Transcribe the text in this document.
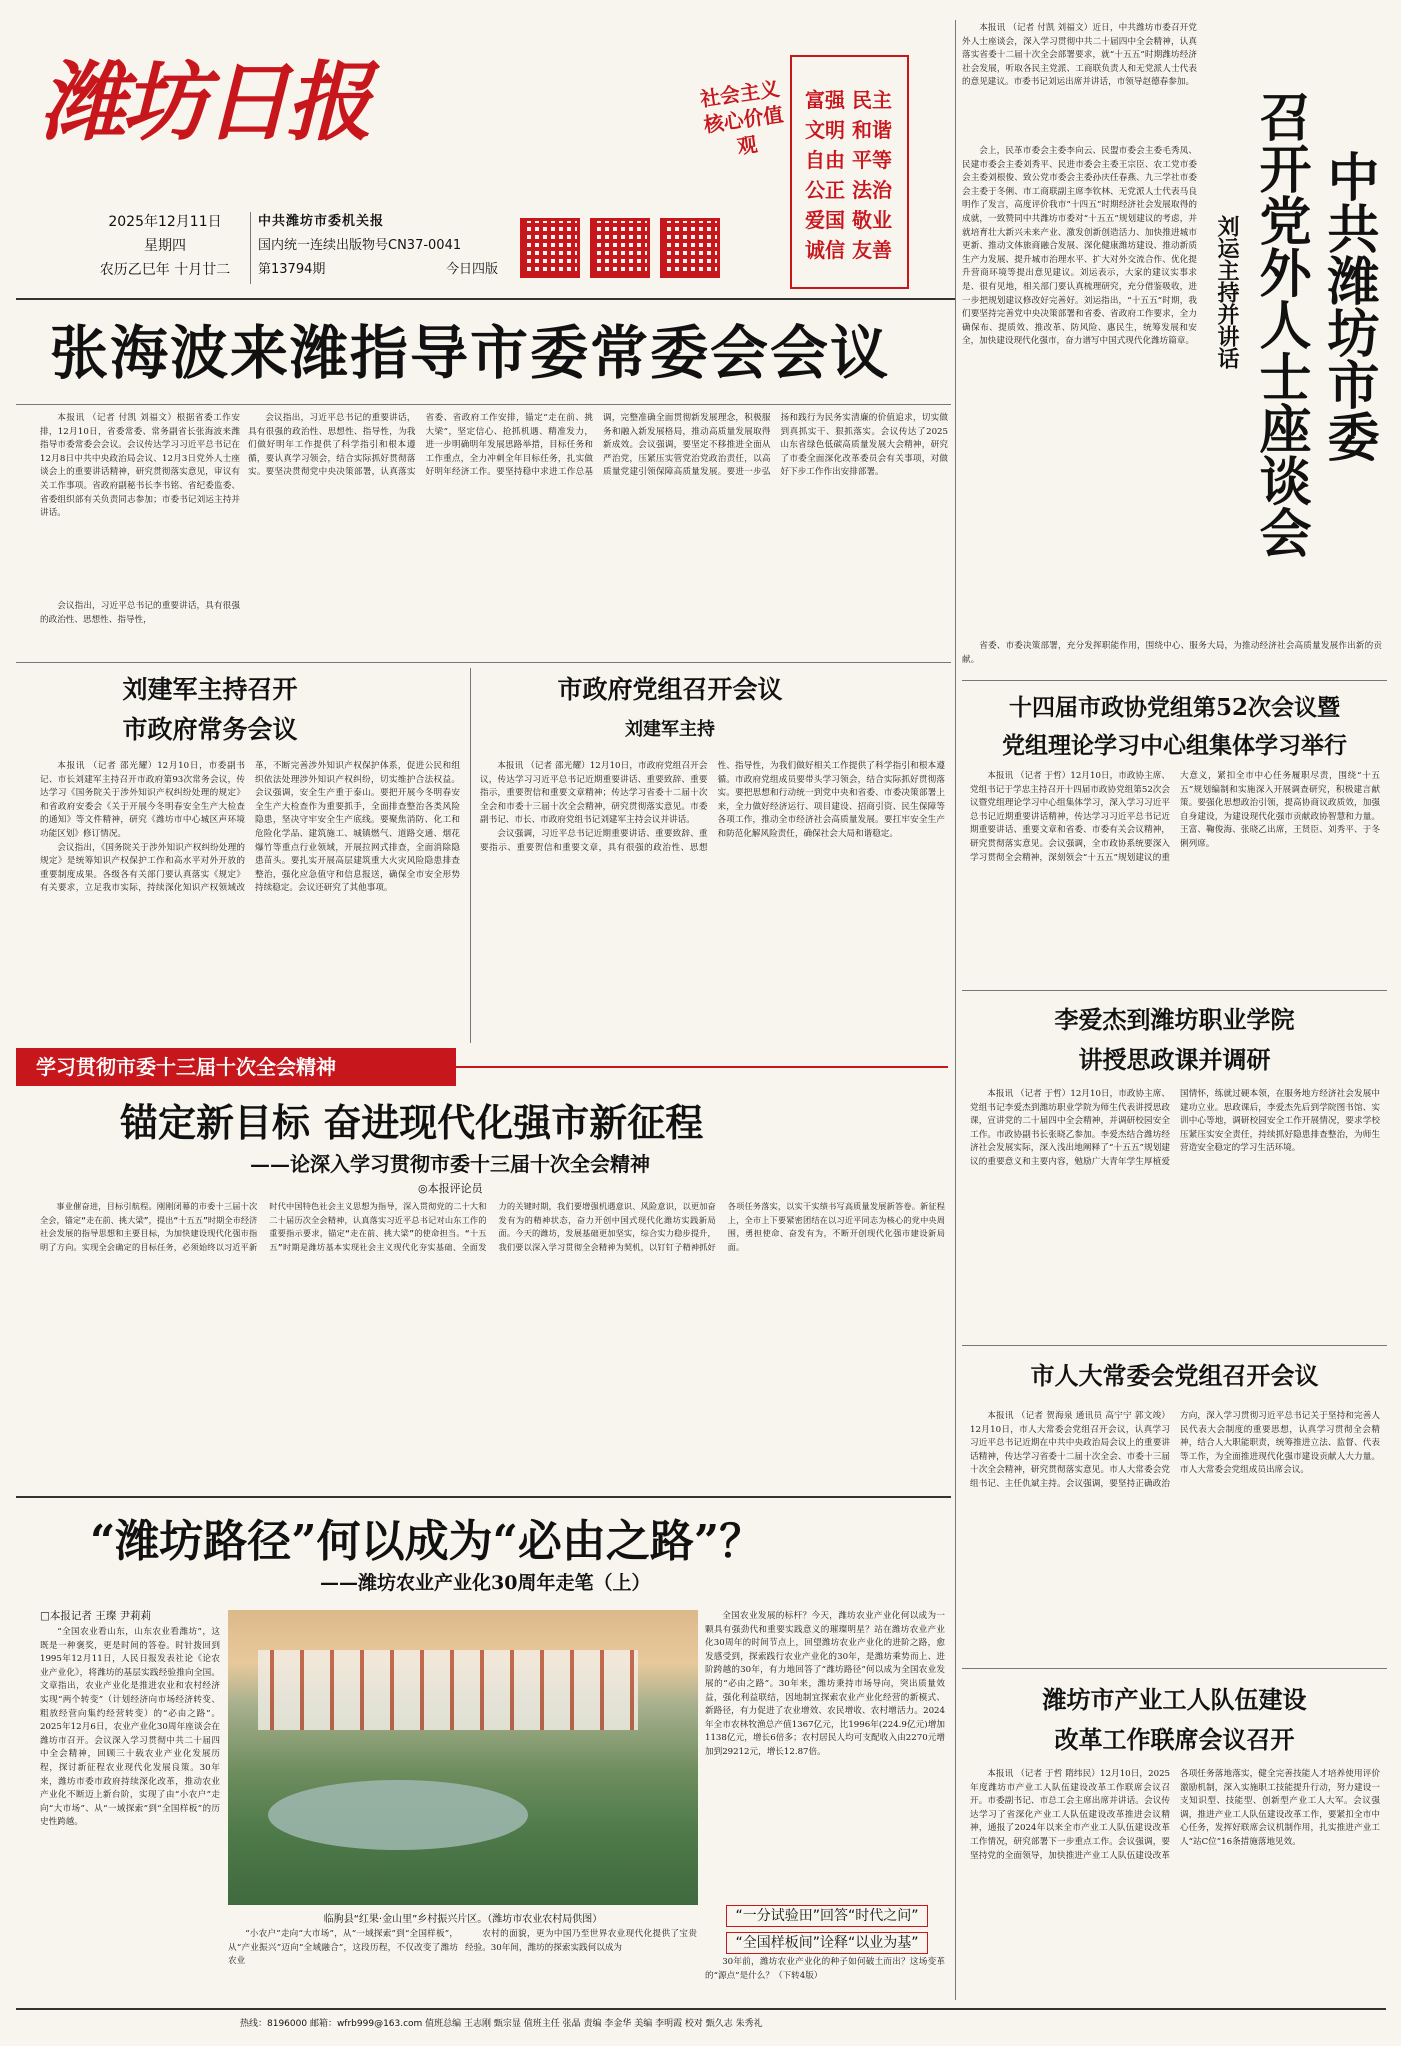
潍坊日报
2025年12月11日
星期四
农历乙巳年 十月廿二
中共潍坊市委机关报
国内统一连续出版物号CN37-0041
第13794期	今日四版
社会主义核心价值观
富强 民主
文明 和谐
自由 平等
公正 法治
爱国 敬业
诚信 友善	中共潍坊市委
召开党外人士座谈会
刘运主持并讲话

本报讯 （记者 付凯 刘福文）近日，中共潍坊市委召开党外人士座谈会，深入学习贯彻中共二十届四中全会精神，认真落实省委十二届十次全会部署要求，就“十五五”时期潍坊经济社会发展，听取各民主党派、工商联负责人和无党派人士代表的意见建议。市委书记刘运出席并讲话，市领导赵德春参加。

会上，民革市委会主委李向云、民盟市委会主委毛秀凤、民建市委会主委刘秀平、民进市委会主委王宗臣、农工党市委会主委刘根俊、致公党市委会主委孙庆任春燕、九三学社市委会主委于冬俐、市工商联副主席李钦林、无党派人士代表马良明作了发言，高度评价我市“十四五”时期经济社会发展取得的成就，一致赞同中共潍坊市委对“十五五”规划建议的考虑，并就培育壮大新兴未来产业、激发创新创造活力、加快推进城市更新、推动文体旅商融合发展、深化健康潍坊建设、推动新质生产力发展、提升城市治理水平、扩大对外交流合作、优化提升营商环境等提出意见建议。刘运表示，大家的建议实事求是、很有见地，相关部门要认真梳理研究，充分借鉴吸收，进一步把规划建议修改好完善好。刘运指出，“十五五”时期，我们要坚持完善党中央决策部署和省委、省政府工作要求，全力确保布、提质效、推改革、防风险、惠民生，统筹发展和安全，加快建设现代化强市，奋力谱写中国式现代化潍坊篇章。

省委、市委决策部署，充分发挥职能作用，围绕中心、服务大局，为推动经济社会高质量发展作出新的贡献。

张海波来潍指导市委常委会会议

本报讯 （记者 付凯 刘福文）根据省委工作安排，12月10日，省委常委、常务副省长张海波来潍指导市委常委会会议。会议传达学习习近平总书记在12月8日中共中央政治局会议、12月3日党外人士座谈会上的重要讲话精神，研究贯彻落实意见，审议有关工作事项。省政府副秘书长李书铭、省纪委监委、省委组织部有关负责同志参加；市委书记刘运主持并讲话。

会议指出，习近平总书记的重要讲话，具有很强的政治性、思想性、指导性，

会议指出，习近平总书记的重要讲话，具有很强的政治性、思想性、指导性，为我们做好明年工作提供了科学指引和根本遵循，要认真学习领会，结合实际抓好贯彻落实。要坚决贯彻党中央决策部署，认真落实省委、省政府工作安排，锚定“走在前、挑大梁”，坚定信心、抢抓机遇、精准发力，进一步明确明年发展思路举措，目标任务和工作重点，全力冲刺全年目标任务，扎实做好明年经济工作。要坚持稳中求进工作总基调，完整准确全面贯彻新发展理念，积极服务和融入新发展格局，推动高质量发展取得新成效。会议强调，要坚定不移推进全面从严治党，压紧压实管党治党政治责任，以高质量党建引领保障高质量发展。要进一步弘扬和践行为民务实清廉的价值追求，切实做到真抓实干、狠抓落实。会议传达了2025山东省绿色低碳高质量发展大会精神，研究了市委全面深化改革委员会有关事项，对做好下步工作作出安排部署。

刘建军主持召开
市政府常务会议

本报讯 （记者 邵光耀）12月10日，市委副书记、市长刘建军主持召开市政府第93次常务会议，传达学习《国务院关于涉外知识产权纠纷处理的规定》和省政府安委会《关于开展今冬明春安全生产大检查的通知》等文件精神，研究《潍坊市中心城区声环境功能区划》修订情况。

会议指出，《国务院关于涉外知识产权纠纷处理的规定》是统筹知识产权保护工作和高水平对外开放的重要制度成果。各级各有关部门要认真落实《规定》有关要求，立足我市实际，持续深化知识产权领域改革，不断完善涉外知识产权保护体系，促进公民和组织依法处理涉外知识产权纠纷，切实维护合法权益。会议强调，安全生产重于泰山。要把开展今冬明春安全生产大检查作为重要抓手，全面排查整治各类风险隐患，坚决守牢安全生产底线。要聚焦消防、化工和危险化学品、建筑施工、城镇燃气、道路交通、烟花爆竹等重点行业领域，开展拉网式排查，全面消除隐患苗头。要扎实开展高层建筑重大火灾风险隐患排查整治，强化应急值守和信息报送，确保全市安全形势持续稳定。会议还研究了其他事项。

市政府党组召开会议
刘建军主持

本报讯 （记者 邵光耀）12月10日，市政府党组召开会议，传达学习习近平总书记近期重要讲话、重要致辞、重要指示，重要贺信和重要文章精神；传达学习省委十二届十次全会和市委十三届十次全会精神，研究贯彻落实意见。市委副书记、市长、市政府党组书记刘建军主持会议并讲话。

会议强调，习近平总书记近期重要讲话、重要致辞、重要指示、重要贺信和重要文章，具有很强的政治性、思想性、指导性，为我们做好相关工作提供了科学指引和根本遵循。市政府党组成员要带头学习领会，结合实际抓好贯彻落实。要把思想和行动统一到党中央和省委、市委决策部署上来，全力做好经济运行、项目建设、招商引资、民生保障等各项工作，推动全市经济社会高质量发展。要扛牢安全生产和防范化解风险责任，确保社会大局和谐稳定。

学习贯彻市委十三届十次全会精神
锚定新目标 奋进现代化强市新征程
——论深入学习贯彻市委十三届十次全会精神
◎本报评论员

事业催奋进，目标引航程。刚刚闭幕的市委十三届十次全会，锚定“走在前、挑大梁”，提出“十五五”时期全市经济社会发展的指导思想和主要目标，为加快建设现代化强市指明了方向。实现全会确定的目标任务，必须始终以习近平新时代中国特色社会主义思想为指导，深入贯彻党的二十大和二十届历次全会精神，认真落实习近平总书记对山东工作的重要指示要求，锚定“走在前、挑大梁”的使命担当。“十五五”时期是潍坊基本实现社会主义现代化夯实基础、全面发力的关键时期，我们要增强机遇意识、风险意识，以更加奋发有为的精神状态，奋力开创中国式现代化潍坊实践新局面。今天的潍坊，发展基础更加坚实，综合实力稳步提升，我们要以深入学习贯彻全会精神为契机，以钉钉子精神抓好各项任务落实，以实干实绩书写高质量发展新答卷。新征程上，全市上下要紧密团结在以习近平同志为核心的党中央周围，勇担使命、奋发有为，不断开创现代化强市建设新局面。

“潍坊路径”何以成为“必由之路”？
——潍坊农业产业化30周年走笔（上）
□本报记者 王璨 尹莉莉

“全国农业看山东，山东农业看潍坊”，这既是一种褒奖，更是时间的答卷。时针拨回到1995年12月11日，人民日报发表社论《论农业产业化》，将潍坊的基层实践经验推向全国。文章指出，农业产业化是推进农业和农村经济实现“两个转变”（计划经济向市场经济转变、粗放经营向集约经营转变）的“必由之路”。2025年12月6日，农业产业化30周年座谈会在潍坊市召开。会议深入学习贯彻中共二十届四中全会精神，回顾三十载农业产业化发展历程，探讨新征程农业现代化发展良策。30年来，潍坊市委市政府持续深化改革，推动农业产业化不断迈上新台阶，实现了由“小农户”走向“大市场”、从“一域探索”到“全国样板”的历史性跨越。

临朐县“红果·金山里”乡村振兴片区。（潍坊市农业农村局供图）

“小农户”走向“大市场”，从“一域探索”到“全国样板”，从“产业振兴”迈向“全域融合”，这段历程，不仅改变了潍坊农业

农村的面貌，更为中国乃至世界农业现代化提供了宝贵经验。30年间，潍坊的探索实践何以成为

全国农业发展的标杆？今天，潍坊农业产业化何以成为一颗具有强劲代和重要实践意义的璀璨明星？站在潍坊农业产业化30周年的时间节点上，回望潍坊农业产业化的进阶之路，愈发感受到，探索践行农业产业化的30年，是潍坊乘势而上、进阶跨越的30年，有力地回答了“潍坊路径”何以成为全国农业发展的“必由之路”。30年来，潍坊秉持市场导向，突出质量效益，强化利益联结，因地制宜探索农业产业化经营的新模式、新路径，有力促进了农业增效、农民增收、农村增活力。2024年全市农林牧渔总产值1367亿元，比1996年(224.9亿元)增加1138亿元，增长6倍多；农村居民人均可支配收入由2270元增加到29212元，增长12.87倍。

“一分试验田”回答“时代之问” “全国样板间”诠释“以业为基”

30年前，潍坊农业产业化的种子如何破土而出？这场变革的“源点”是什么？（下转4版）

十四届市政协党组第52次会议暨
党组理论学习中心组集体学习举行

本报讯 （记者 于哲）12月10日，市政协主席、党组书记于学忠主持召开十四届市政协党组第52次会议暨党组理论学习中心组集体学习，深入学习习近平总书记近期重要讲话精神，传达学习习近平总书记近期重要讲话、重要文章和省委、市委有关会议精神，研究贯彻落实意见。会议强调，全市政协系统要深入学习贯彻全会精神，深刻领会“十五五”规划建议的重大意义，紧扣全市中心任务履职尽责，围绕“十五五”规划编制和实施深入开展调查研究，积极建言献策。要强化思想政治引领，提高协商议政质效，加强自身建设，为建设现代化强市贡献政协智慧和力量。王富、鞠俊海、张晓乙出席，王贤臣、刘秀平、于冬俐列席。

李爱杰到潍坊职业学院
讲授思政课并调研

本报讯 （记者 于哲）12月10日，市政协主席、党组书记李爱杰到潍坊职业学院为师生代表讲授思政课，宣讲党的二十届四中全会精神，并调研校园安全工作。市政协副书长张晓乙参加。李爱杰结合潍坊经济社会发展实际，深入浅出地阐释了“十五五”规划建议的重要意义和主要内容，勉励广大青年学生厚植爱国情怀，练就过硬本领，在服务地方经济社会发展中建功立业。思政课后，李爱杰先后到学院图书馆、实训中心等地，调研校园安全工作开展情况，要求学校压紧压实安全责任，持续抓好隐患排查整治，为师生营造安全稳定的学习生活环境。

市人大常委会党组召开会议

本报讯 （记者 贺海泉 通讯员 高宁宁 郭文竣）12月10日，市人大常委会党组召开会议，认真学习习近平总书记近期在中共中央政治局会议上的重要讲话精神，传达学习省委十二届十次全会、市委十三届十次全会精神，研究贯彻落实意见。市人大常委会党组书记、主任仇斌主持。会议强调，要坚持正确政治方向，深入学习贯彻习近平总书记关于坚持和完善人民代表大会制度的重要思想，认真学习贯彻全会精神，结合人大职能职责，统筹推进立法、监督、代表等工作，为全面推进现代化强市建设贡献人大力量。市人大常委会党组成员出席会议。

潍坊市产业工人队伍建设
改革工作联席会议召开

本报讯 （记者 于哲 隋纬民）12月10日，2025年度潍坊市产业工人队伍建设改革工作联席会议召开。市委副书记、市总工会主席出席并讲话。会议传达学习了省深化产业工人队伍建设改革推进会议精神，通报了2024年以来全市产业工人队伍建设改革工作情况，研究部署下一步重点工作。会议强调，要坚持党的全面领导，加快推进产业工人队伍建设改革各项任务落地落实，健全完善技能人才培养使用评价激励机制，深入实施职工技能提升行动，努力建设一支知识型、技能型、创新型产业工人大军。会议强调，推进产业工人队伍建设改革工作，要紧扣全市中心任务，发挥好联席会议机制作用，扎实推进产业工人“站C位”16条措施落地见效。

热线：8196000 邮箱：wfrb999@163.com 值班总编 王志刚 甄宗显 值班主任 张晶 责编 李金华 美编 李明霞 校对 甄久志 朱秀礼
